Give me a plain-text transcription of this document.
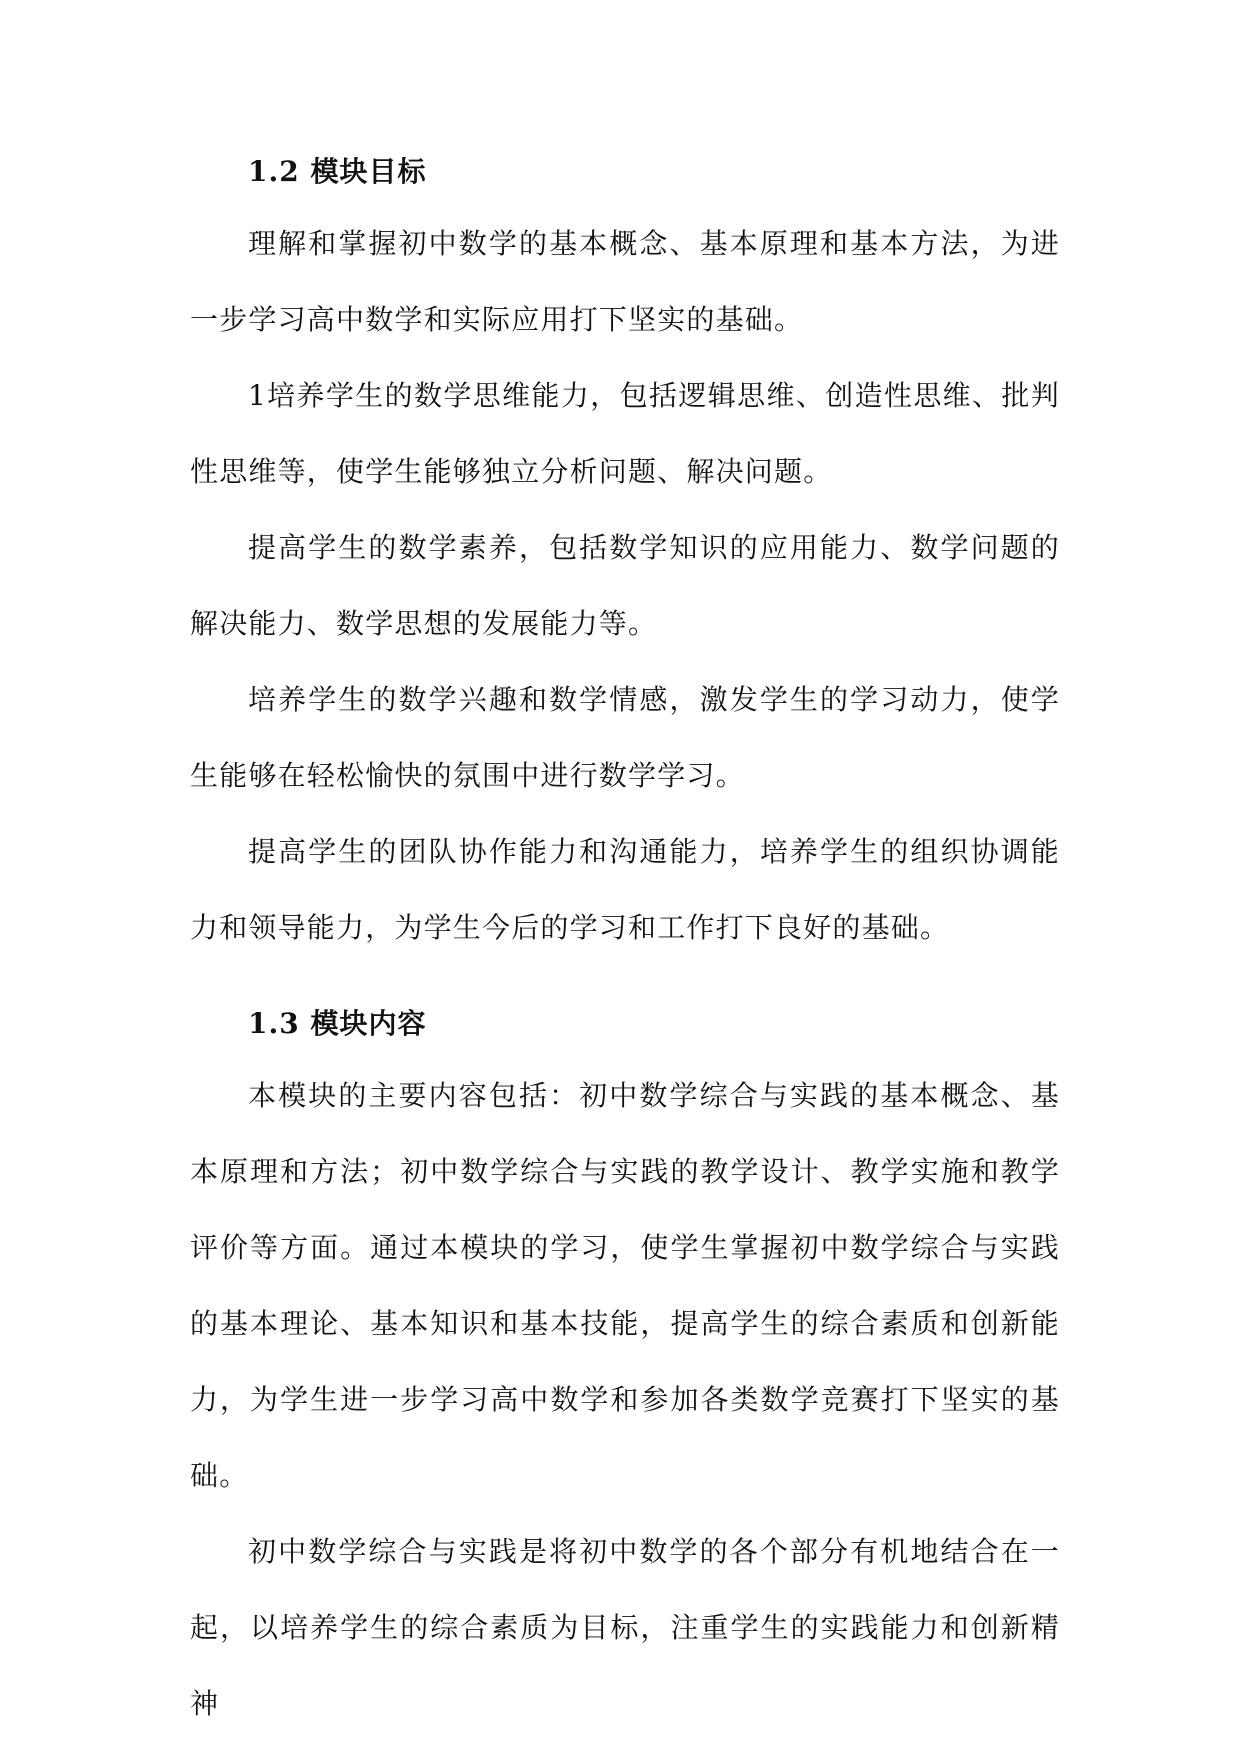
1.2 模块目标

理解和掌握初中数学的基本概念、基本原理和基本方法，为进一步学习高中数学和实际应用打下坚实的基础。

1培养学生的数学思维能力，包括逻辑思维、创造性思维、批判性思维等，使学生能够独立分析问题、解决问题。

提高学生的数学素养，包括数学知识的应用能力、数学问题的解决能力、数学思想的发展能力等。

培养学生的数学兴趣和数学情感，激发学生的学习动力，使学生能够在轻松愉快的氛围中进行数学学习。

提高学生的团队协作能力和沟通能力，培养学生的组织协调能力和领导能力，为学生今后的学习和工作打下良好的基础。

1.3 模块内容

本模块的主要内容包括：初中数学综合与实践的基本概念、基本原理和方法；初中数学综合与实践的教学设计、教学实施和教学评价等方面。通过本模块的学习，使学生掌握初中数学综合与实践的基本理论、基本知识和基本技能，提高学生的综合素质和创新能力，为学生进一步学习高中数学和参加各类数学竞赛打下坚实的基础。

初中数学综合与实践是将初中数学的各个部分有机地结合在一起，以培养学生的综合素质为目标，注重学生的实践能力和创新精神
